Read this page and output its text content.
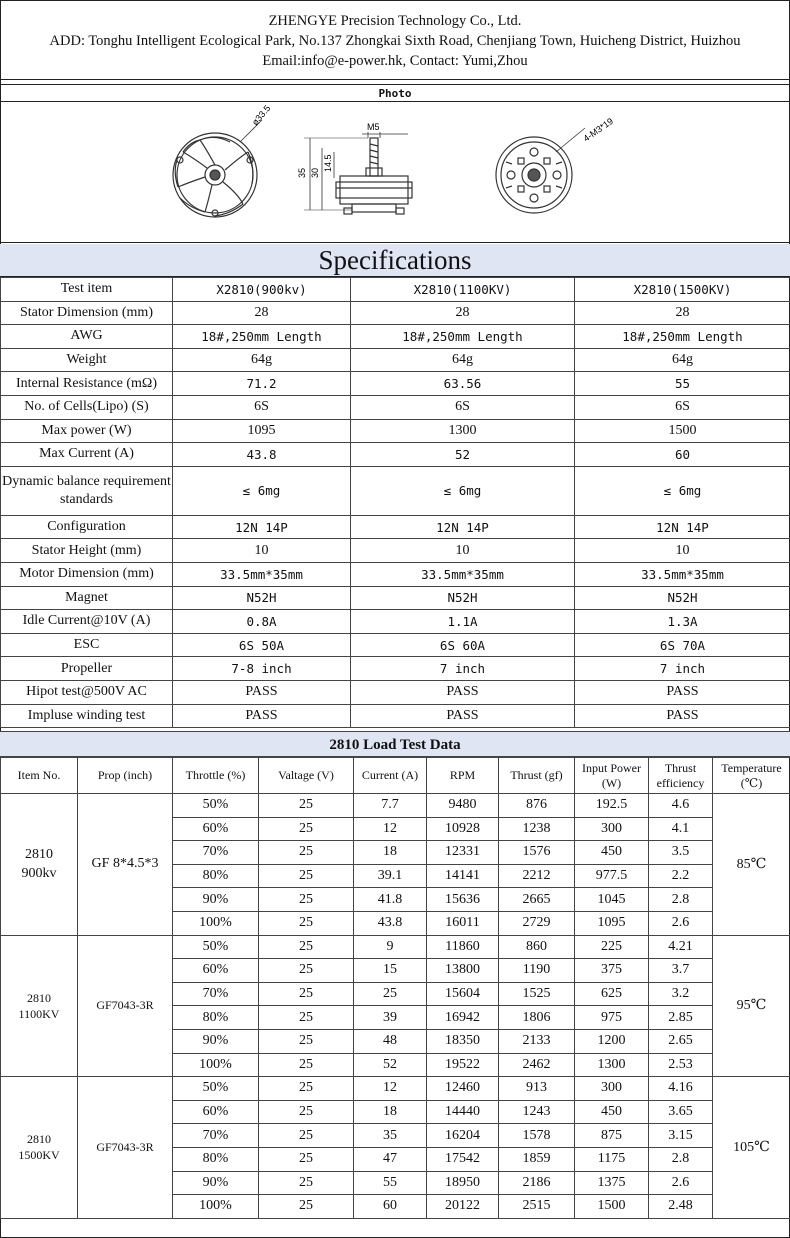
ZHENGYE Precision Technology Co., Ltd.
ADD: Tonghu Intelligent Ecological Park, No.137 Zhongkai Sixth Road, Chenjiang Town, Huicheng District, Huizhou
Email:info@e-power.hk, Contact: Yumi,Zhou
Photo
ø33.5	M5
35 30
14.5
4-M3*19
Specifications
Test item	X2810(900kv)	X2810(1100KV)	X2810(1500KV)
Stator Dimension (mm)	28	28	28
AWG	18#,250mm Length	18#,250mm Length	18#,250mm Length
Weight	64g	64g	64g
Internal Resistance (mΩ)	71.2	63.56	55
No. of Cells(Lipo) (S)	6S	6S	6S
Max power (W)	1095	1300	1500
Max Current (A)	43.8	52	60
Dynamic balance requirement standards	≤ 6mg	≤ 6mg	≤ 6mg
Configuration	12N 14P	12N 14P	12N 14P
Stator Height (mm)	10	10	10
Motor Dimension (mm)	33.5mm*35mm	33.5mm*35mm	33.5mm*35mm
Magnet	N52H	N52H	N52H
Idle Current@10V (A)	0.8A	1.1A	1.3A
ESC	6S 50A	6S 60A	6S 70A
Propeller	7-8 inch	7 inch	7 inch
Hipot test@500V AC	PASS	PASS	PASS
Impluse winding test	PASS	PASS	PASS
2810 Load Test Data
Item No.	Prop (inch)	Throttle (%)	Valtage (V)	Current (A)	RPM	Thrust (gf)	Input Power (W)	Thrust efficiency	Temperature (℃)
2810 900kv	GF 8*4.5*3	50%	25	7.7	9480	876	192.5	4.6	85℃
		60%	25	12	10928	1238	300	4.1	
		70%	25	18	12331	1576	450	3.5	
		80%	25	39.1	14141	2212	977.5	2.2	
		90%	25	41.8	15636	2665	1045	2.8	
		100%	25	43.8	16011	2729	1095	2.6	
2810 1100KV	GF7043-3R	50%	25	9	11860	860	225	4.21	95℃
		60%	25	15	13800	1190	375	3.7	
		70%	25	25	15604	1525	625	3.2	
		80%	25	39	16942	1806	975	2.85	
		90%	25	48	18350	2133	1200	2.65	
		100%	25	52	19522	2462	1300	2.53	
2810 1500KV	GF7043-3R	50%	25	12	12460	913	300	4.16	105℃
		60%	25	18	14440	1243	450	3.65	
		70%	25	35	16204	1578	875	3.15	
		80%	25	47	17542	1859	1175	2.8	
		90%	25	55	18950	2186	1375	2.6	
		100%	25	60	20122	2515	1500	2.48	
